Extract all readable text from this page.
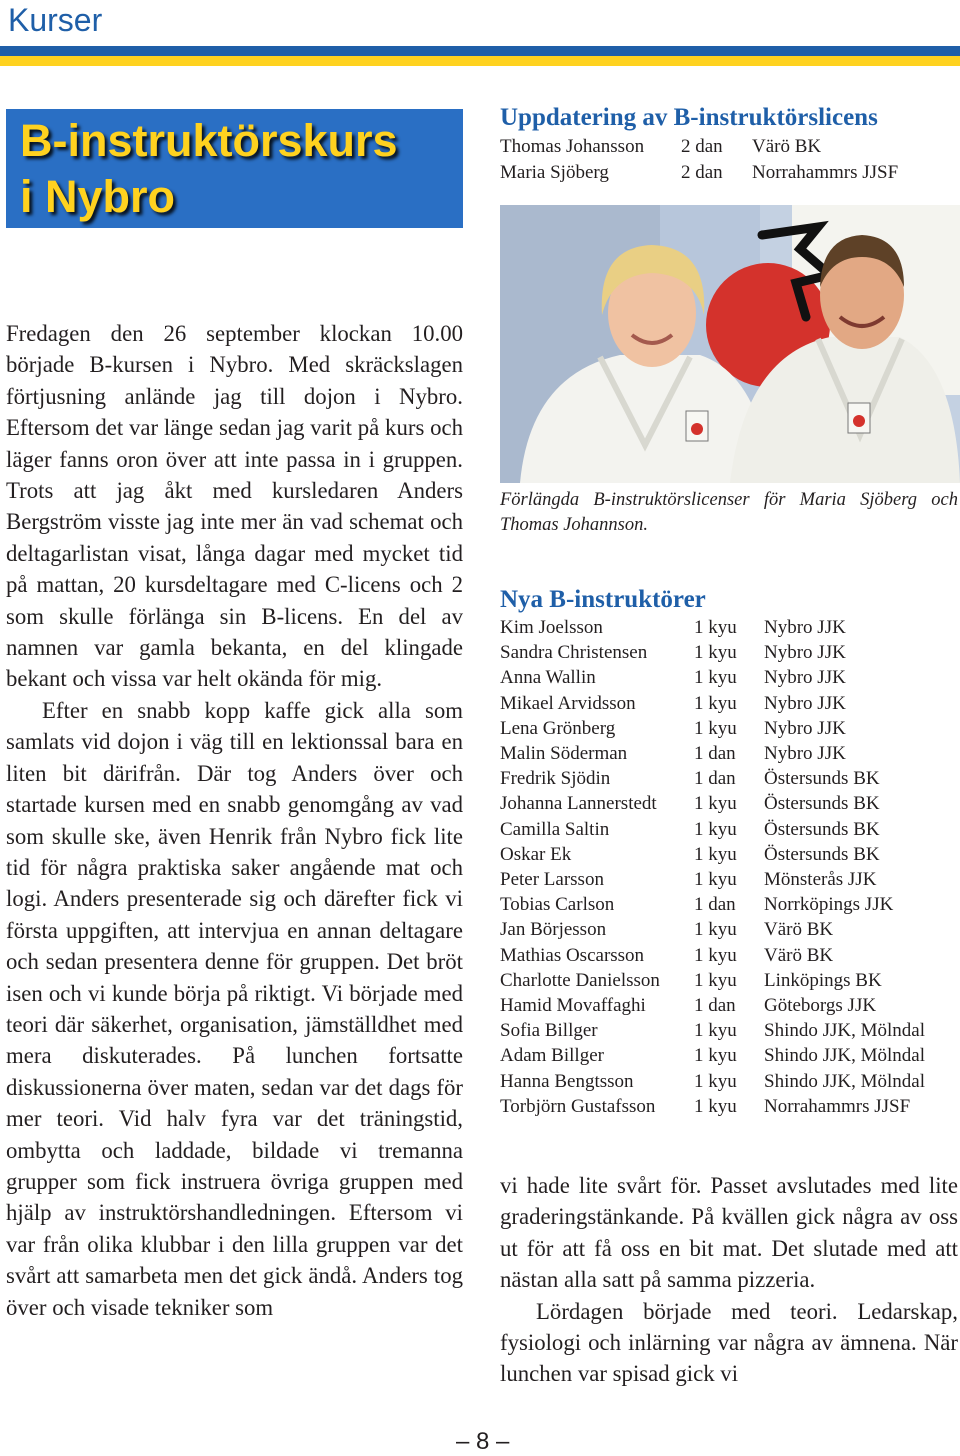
Kurser
B-instruktörskurs
i Nybro

Fredagen den 26 september klockan 10.00 började B-kursen i Nybro. Med skräckslagen förtjusning anlände jag till dojon i Nybro. Eftersom det var länge sedan jag varit på kurs och läger fanns oron över att inte passa in i gruppen. Trots att jag åkt med kursledaren Anders Bergström visste jag inte mer än vad schemat och deltagarlistan visat, långa dagar med mycket tid på mattan, 20 kursdeltagare med C-licens och 2 som skulle förlänga sin B-licens. En del av namnen var gamla bekanta, en del klingade bekant och vissa var helt okända för mig.

Efter en snabb kopp kaffe gick alla som samlats vid dojon i väg till en lektionssal bara en liten bit därifrån. Där tog Anders över och startade kursen med en snabb genomgång av vad som skulle ske, även Henrik från Nybro fick lite tid för några praktiska saker angående mat och logi. Anders presenterade sig och därefter fick vi första uppgiften, att intervjua en annan deltagare och sedan presentera denne för gruppen. Det bröt isen och vi kunde börja på riktigt. Vi började med teori där säkerhet, organisation, jämställdhet med mera diskuterades. På lunchen fortsatte diskussionerna över maten, sedan var det dags för mer teori. Vid halv fyra var det träningstid, ombytta och laddade, bildade vi tremanna grupper som fick instruera övriga gruppen med hjälp av instruktörshandledningen. Eftersom vi var från olika klubbar i den lilla gruppen var det svårt att samarbeta men det gick ändå. Anders tog över och visade tekniker som

Uppdatering av B-instruktörslicens
Thomas Johansson	2 dan	Värö BK
Maria Sjöberg	2 dan	Norrahammrs JJSF

Förlängda B-instruktörslicenser för Maria Sjöberg och Thomas Johannson.

Nya B-instruktörer
Kim Joelsson	1 kyu	Nybro JJK
Sandra Christensen	1 kyu	Nybro JJK
Anna Wallin	1 kyu	Nybro JJK
Mikael Arvidsson	1 kyu	Nybro JJK
Lena Grönberg	1 kyu	Nybro JJK
Malin Söderman	1 dan	Nybro JJK
Fredrik Sjödin	1 dan	Östersunds BK
Johanna Lannerstedt	1 kyu	Östersunds BK
Camilla Saltin	1 kyu	Östersunds BK
Oskar Ek	1 kyu	Östersunds BK
Peter Larsson	1 kyu	Mönsterås JJK
Tobias Carlson	1 dan	Norrköpings JJK
Jan Börjesson	1 kyu	Värö BK
Mathias Oscarsson	1 kyu	Värö BK
Charlotte Danielsson	1 kyu	Linköpings BK
Hamid Movaffaghi	1 dan	Göteborgs JJK
Sofia Billger	1 kyu	Shindo JJK, Mölndal
Adam Billger	1 kyu	Shindo JJK, Mölndal
Hanna Bengtsson	1 kyu	Shindo JJK, Mölndal
Torbjörn Gustafsson	1 kyu	Norrahammrs JJSF

vi hade lite svårt för. Passet avslutades med lite graderingstänkande. På kvällen gick några av oss ut för att få oss en bit mat. Det slutade med att nästan alla satt på samma pizzeria.

Lördagen började med teori. Ledarskap, fysiologi och inlärning var några av ämnena. När lunchen var spisad gick vi

– 8 –
